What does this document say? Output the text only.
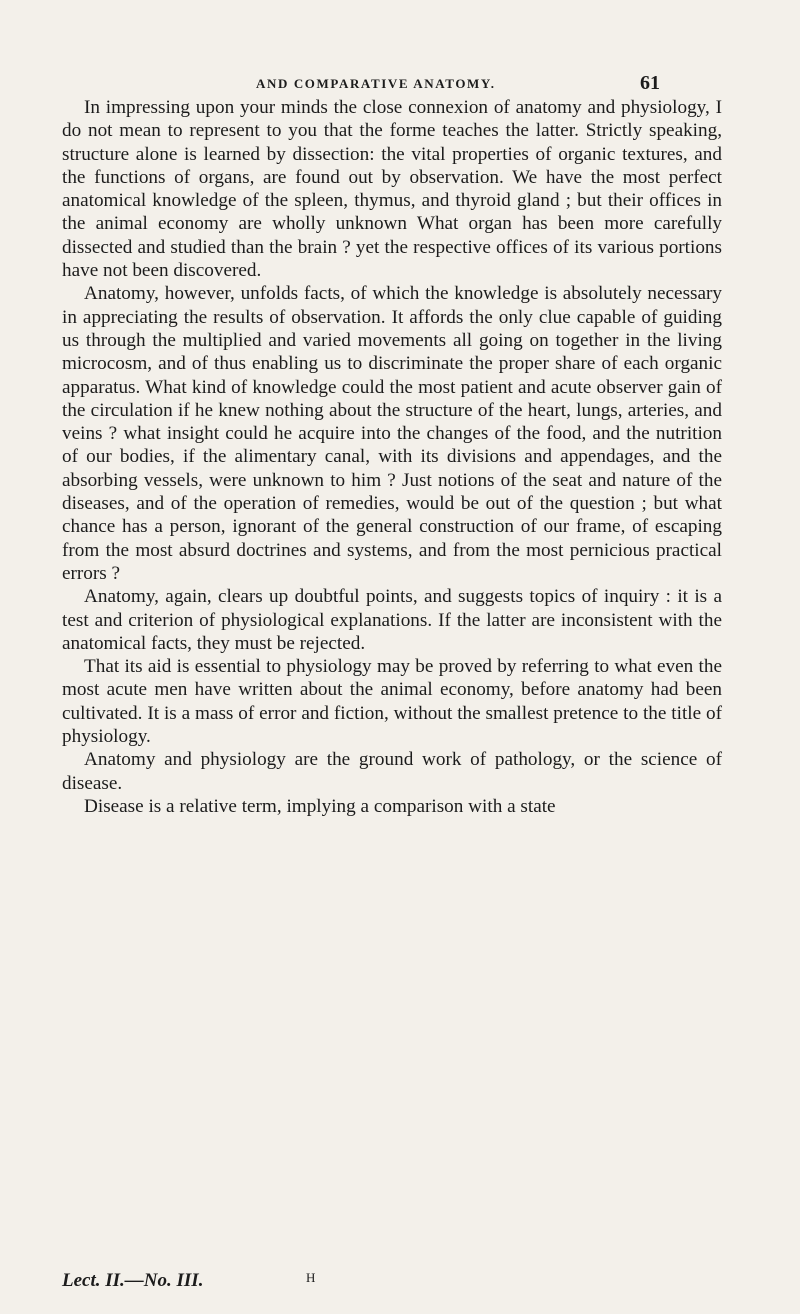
AND COMPARATIVE ANATOMY.	61

In impressing upon your minds the close connexion of anatomy and physiology, I do not mean to represent to you that the forme teaches the latter. Strictly speaking, structure alone is learned by dissection: the vital properties of organic textures, and the functions of organs, are found out by observation. We have the most perfect anatomical knowledge of the spleen, thymus, and thyroid gland ; but their offices in the animal economy are wholly unknown What organ has been more carefully dissected and studied than the brain ? yet the respective offices of its various portions have not been discovered.

Anatomy, however, unfolds facts, of which the knowledge is absolutely necessary in appreciating the results of observation. It affords the only clue capable of guiding us through the multiplied and varied movements all going on together in the living microcosm, and of thus enabling us to discriminate the proper share of each organic apparatus. What kind of knowledge could the most patient and acute observer gain of the circulation if he knew nothing about the structure of the heart, lungs, arteries, and veins ? what insight could he acquire into the changes of the food, and the nutrition of our bodies, if the alimentary canal, with its divisions and appendages, and the absorbing vessels, were unknown to him ? Just notions of the seat and nature of the diseases, and of the operation of remedies, would be out of the question ; but what chance has a person, ignorant of the general construction of our frame, of escaping from the most absurd doctrines and systems, and from the most pernicious practical errors ?

Anatomy, again, clears up doubtful points, and suggests topics of inquiry : it is a test and criterion of physiological explanations. If the latter are inconsistent with the anatomical facts, they must be rejected.

That its aid is essential to physiology may be proved by referring to what even the most acute men have written about the animal economy, before anatomy had been cultivated. It is a mass of error and fiction, without the smallest pretence to the title of physiology.

Anatomy and physiology are the ground work of pathology, or the science of disease.

Disease is a relative term, implying a comparison with a state

Lect. II.—No. III.	H
